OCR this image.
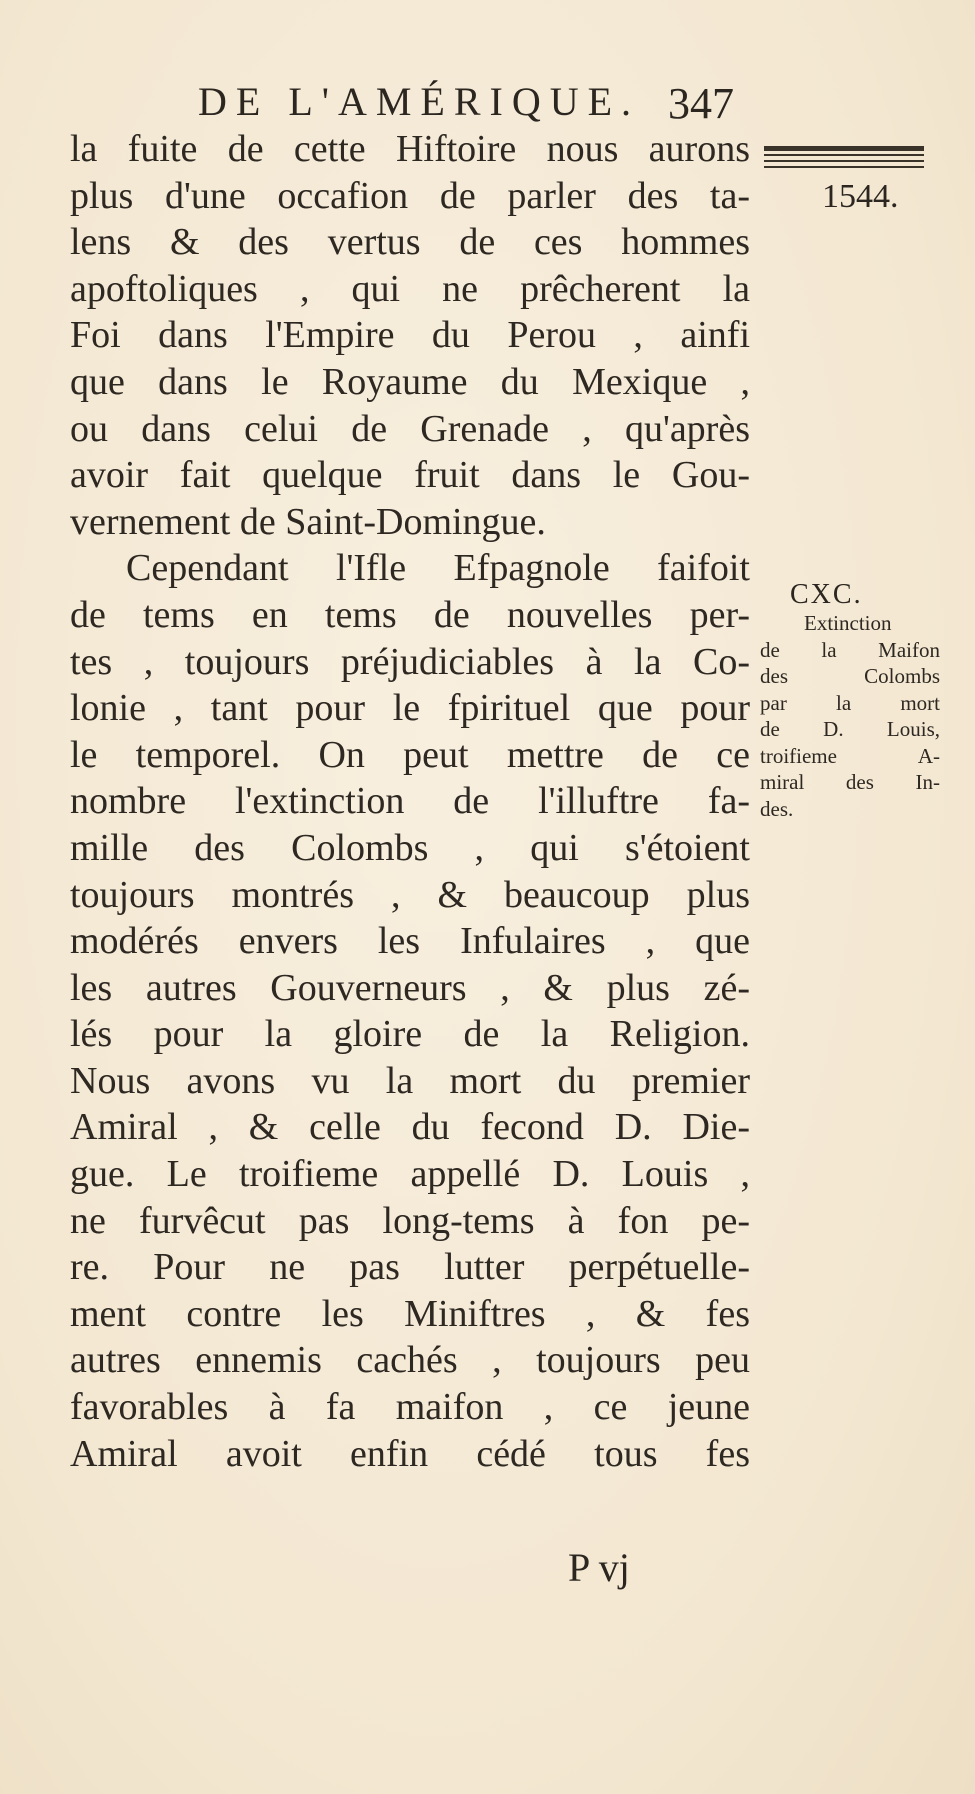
DE L'AMÉRIQUE. 347
1544.
la fuite de cette Hiftoire nous aurons
plus d'une occafion de parler des ta-
lens & des vertus de ces hommes
apoftoliques , qui ne prêcherent la
Foi dans l'Empire du Perou , ainfi
que dans le Royaume du Mexique ,
ou dans celui de Grenade , qu'après
avoir fait quelque fruit dans le Gou-
vernement de Saint-Domingue.
Cependant l'Ifle Efpagnole faifoit
de tems en tems de nouvelles per-
tes , toujours préjudiciables à la Co-
lonie , tant pour le fpirituel que pour
le temporel. On peut mettre de ce
nombre l'extinction de l'illuftre fa-
mille des Colombs , qui s'étoient
toujours montrés , & beaucoup plus
modérés envers les Infulaires , que
les autres Gouverneurs , & plus zé-
lés pour la gloire de la Religion.
Nous avons vu la mort du premier
Amiral , & celle du fecond D. Die-
gue. Le troifieme appellé D. Louis ,
ne furvêcut pas long-tems à fon pe-
re. Pour ne pas lutter perpétuelle-
ment contre les Miniftres , & fes
autres ennemis cachés , toujours peu
favorables à fa maifon , ce jeune
Amiral avoit enfin cédé tous fes
CXC.
Extinction
de la Maifon
des Colombs
par la mort
de D. Louis,
troifieme A-
miral des In-
des.
P vj
